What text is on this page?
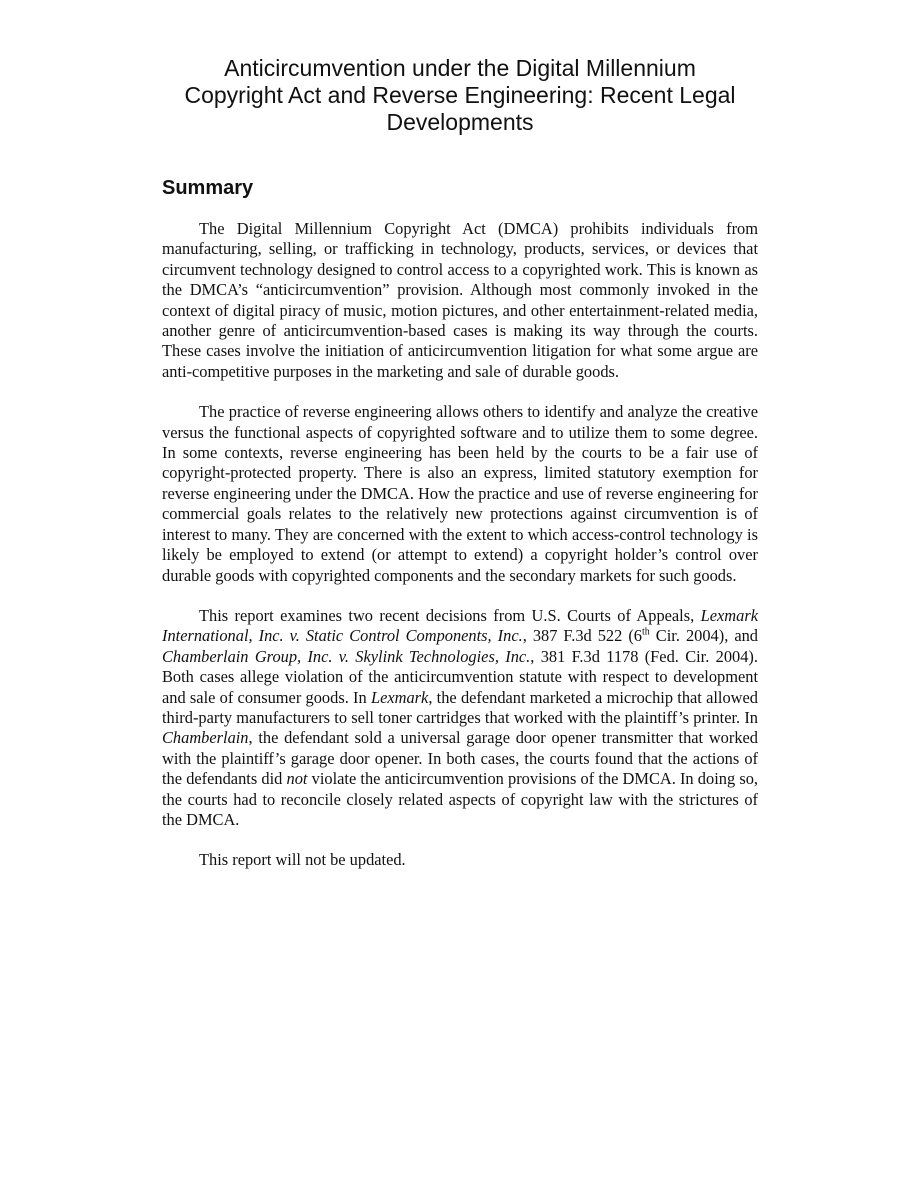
Anticircumvention under the Digital Millennium
Copyright Act and Reverse Engineering: Recent Legal
Developments
Summary

The Digital Millennium Copyright Act (DMCA) prohibits individuals from manufacturing, selling, or trafficking in technology, products, services, or devices that circumvent technology designed to control access to a copyrighted work. This is known as the DMCA’s “anticircumvention” provision. Although most commonly invoked in the context of digital piracy of music, motion pictures, and other entertainment-related media, another genre of anticircumvention-based cases is making its way through the courts. These cases involve the initiation of anticircumvention litigation for what some argue are anti-competitive purposes in the marketing and sale of durable goods.

The practice of reverse engineering allows others to identify and analyze the creative versus the functional aspects of copyrighted software and to utilize them to some degree. In some contexts, reverse engineering has been held by the courts to be a fair use of copyright-protected property. There is also an express, limited statutory exemption for reverse engineering under the DMCA. How the practice and use of reverse engineering for commercial goals relates to the relatively new protections against circumvention is of interest to many. They are concerned with the extent to which access-control technology is likely be employed to extend (or attempt to extend) a copyright holder’s control over durable goods with copyrighted components and the secondary markets for such goods.

This report examines two recent decisions from U.S. Courts of Appeals, Lexmark International, Inc. v. Static Control Components, Inc., 387 F.3d 522 (6th Cir. 2004), and Chamberlain Group, Inc. v. Skylink Technologies, Inc., 381 F.3d 1178 (Fed. Cir. 2004). Both cases allege violation of the anticircumvention statute with respect to development and sale of consumer goods. In Lexmark, the defendant marketed a microchip that allowed third-party manufacturers to sell toner cartridges that worked with the plaintiff’s printer. In Chamberlain, the defendant sold a universal garage door opener transmitter that worked with the plaintiff’s garage door opener. In both cases, the courts found that the actions of the defendants did not violate the anticircumvention provisions of the DMCA. In doing so, the courts had to reconcile closely related aspects of copyright law with the strictures of the DMCA.

This report will not be updated.
